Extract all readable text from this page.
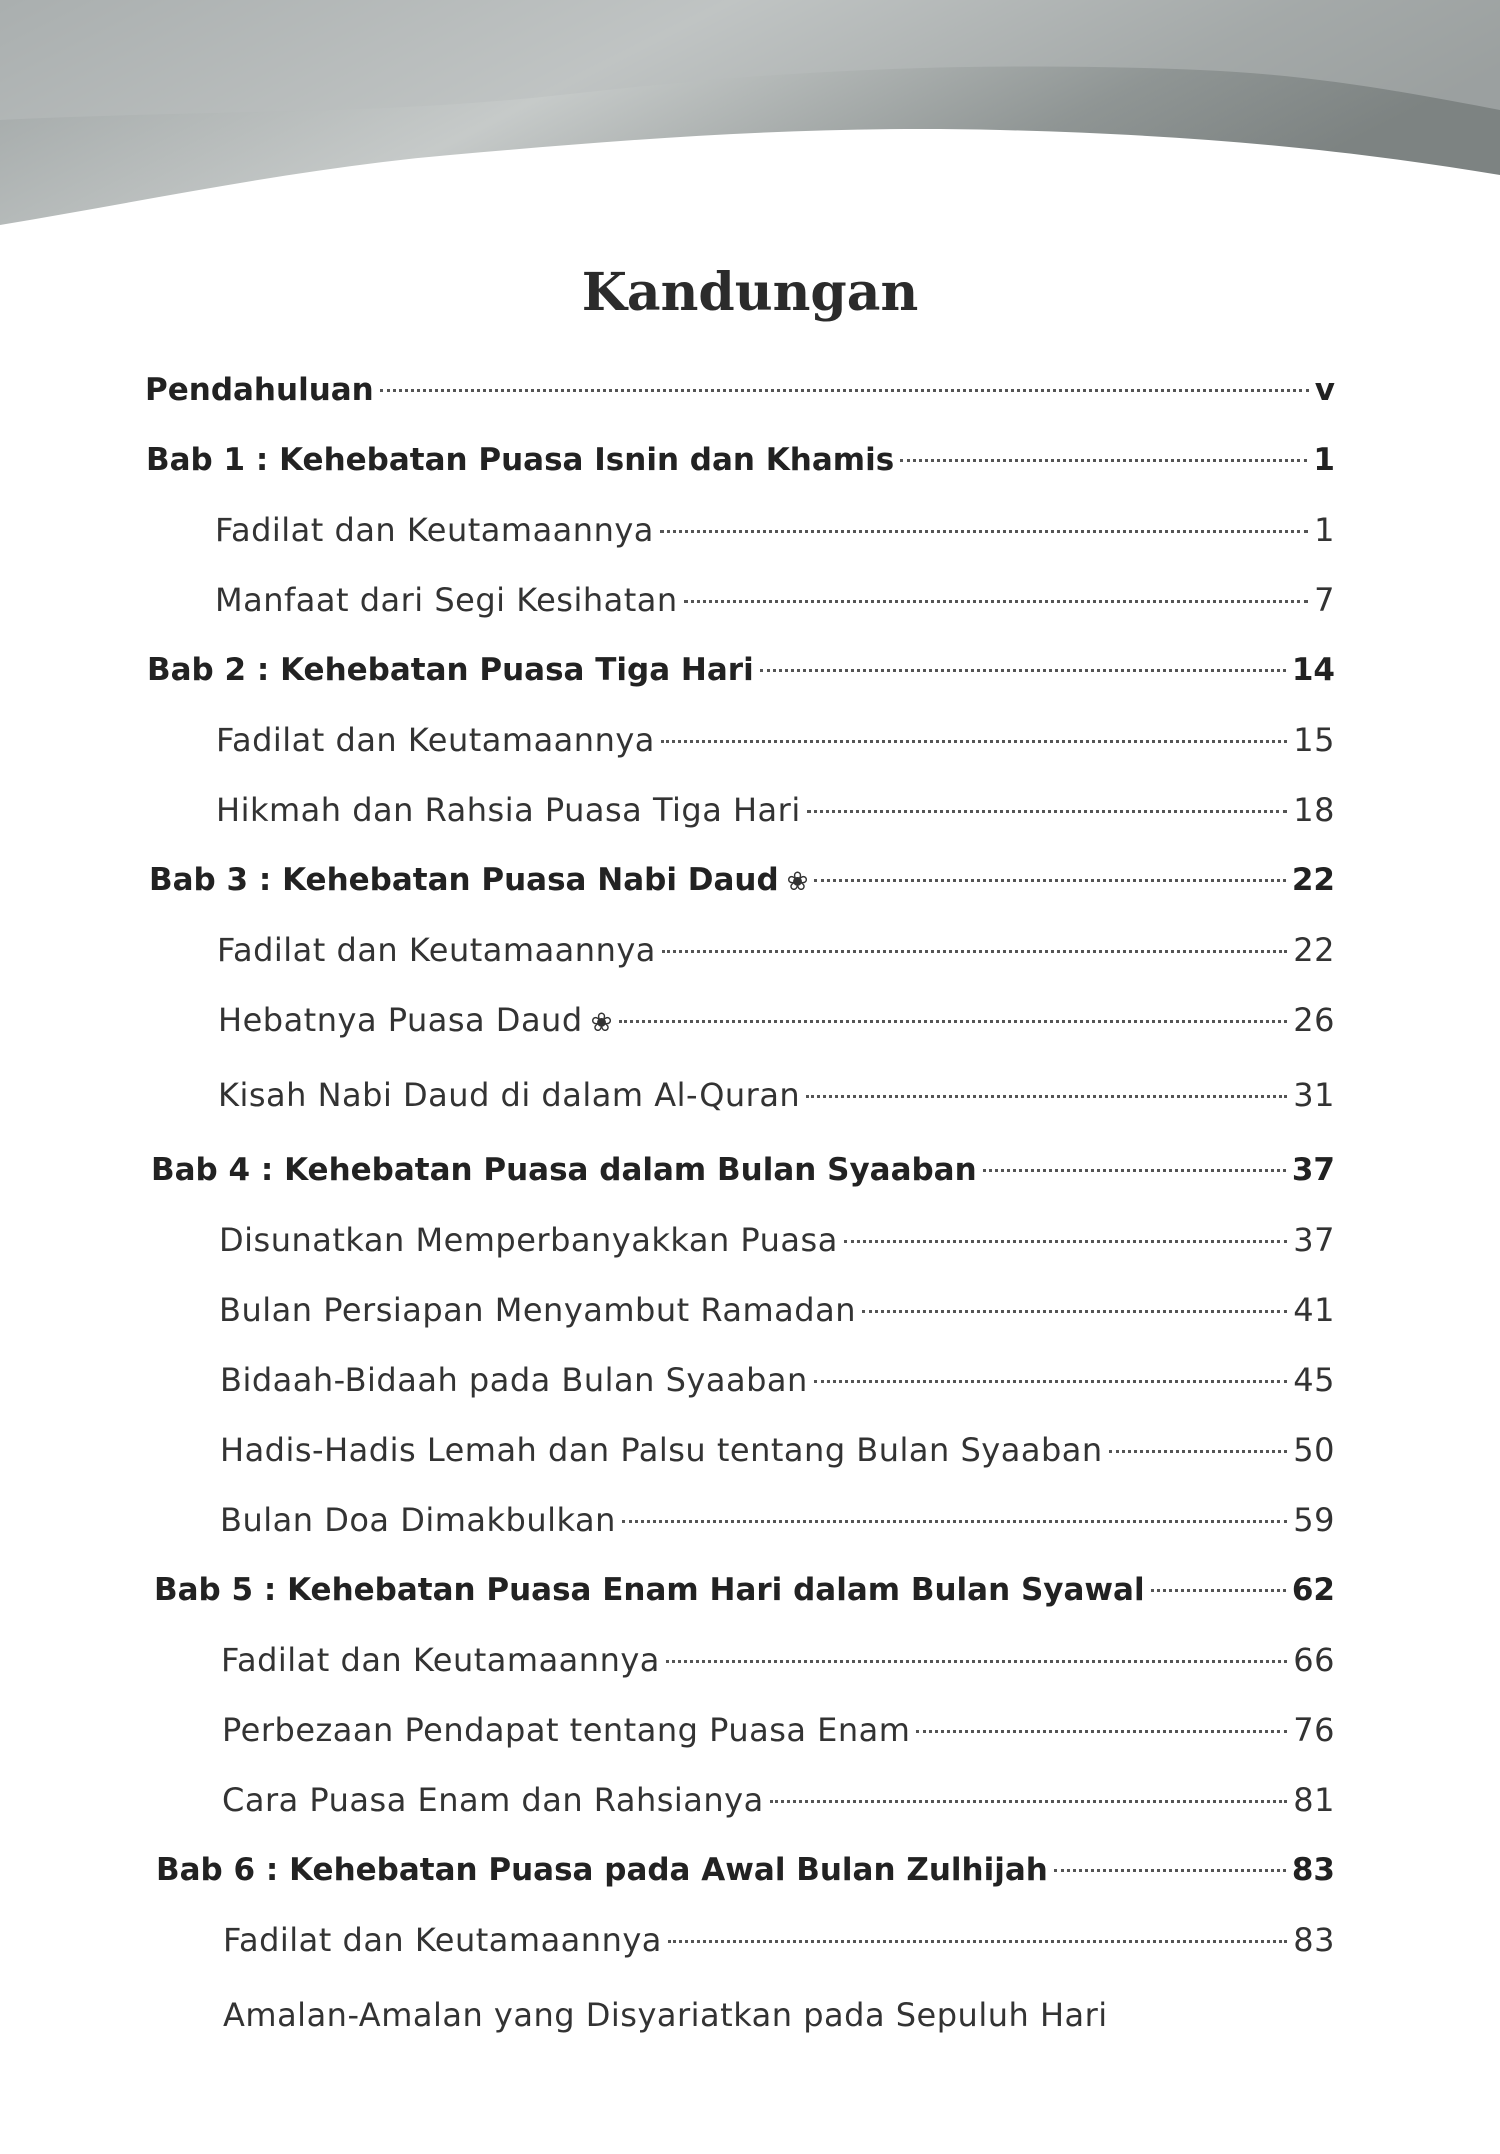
Kandungan
Pendahuluan	v
Bab 1 : Kehebatan Puasa Isnin dan Khamis	1
Fadilat dan Keutamaannya	1
Manfaat dari Segi Kesihatan	7
Bab 2 : Kehebatan Puasa Tiga Hari	14
Fadilat dan Keutamaannya	15
Hikmah dan Rahsia Puasa Tiga Hari	18
Bab 3 : Kehebatan Puasa Nabi Daud ❀	22
Fadilat dan Keutamaannya	22
Hebatnya Puasa Daud ❀	26
Kisah Nabi Daud di dalam Al-Quran	31
Bab 4 : Kehebatan Puasa dalam Bulan Syaaban	37
Disunatkan Memperbanyakkan Puasa	37
Bulan Persiapan Menyambut Ramadan	41
Bidaah-Bidaah pada Bulan Syaaban	45
Hadis-Hadis Lemah dan Palsu tentang Bulan Syaaban	50
Bulan Doa Dimakbulkan	59
Bab 5 : Kehebatan Puasa Enam Hari dalam Bulan Syawal	62
Fadilat dan Keutamaannya	66
Perbezaan Pendapat tentang Puasa Enam	76
Cara Puasa Enam dan Rahsianya	81
Bab 6 : Kehebatan Puasa pada Awal Bulan Zulhijah	83
Fadilat dan Keutamaannya	83
Amalan-Amalan yang Disyariatkan pada Sepuluh Hari
